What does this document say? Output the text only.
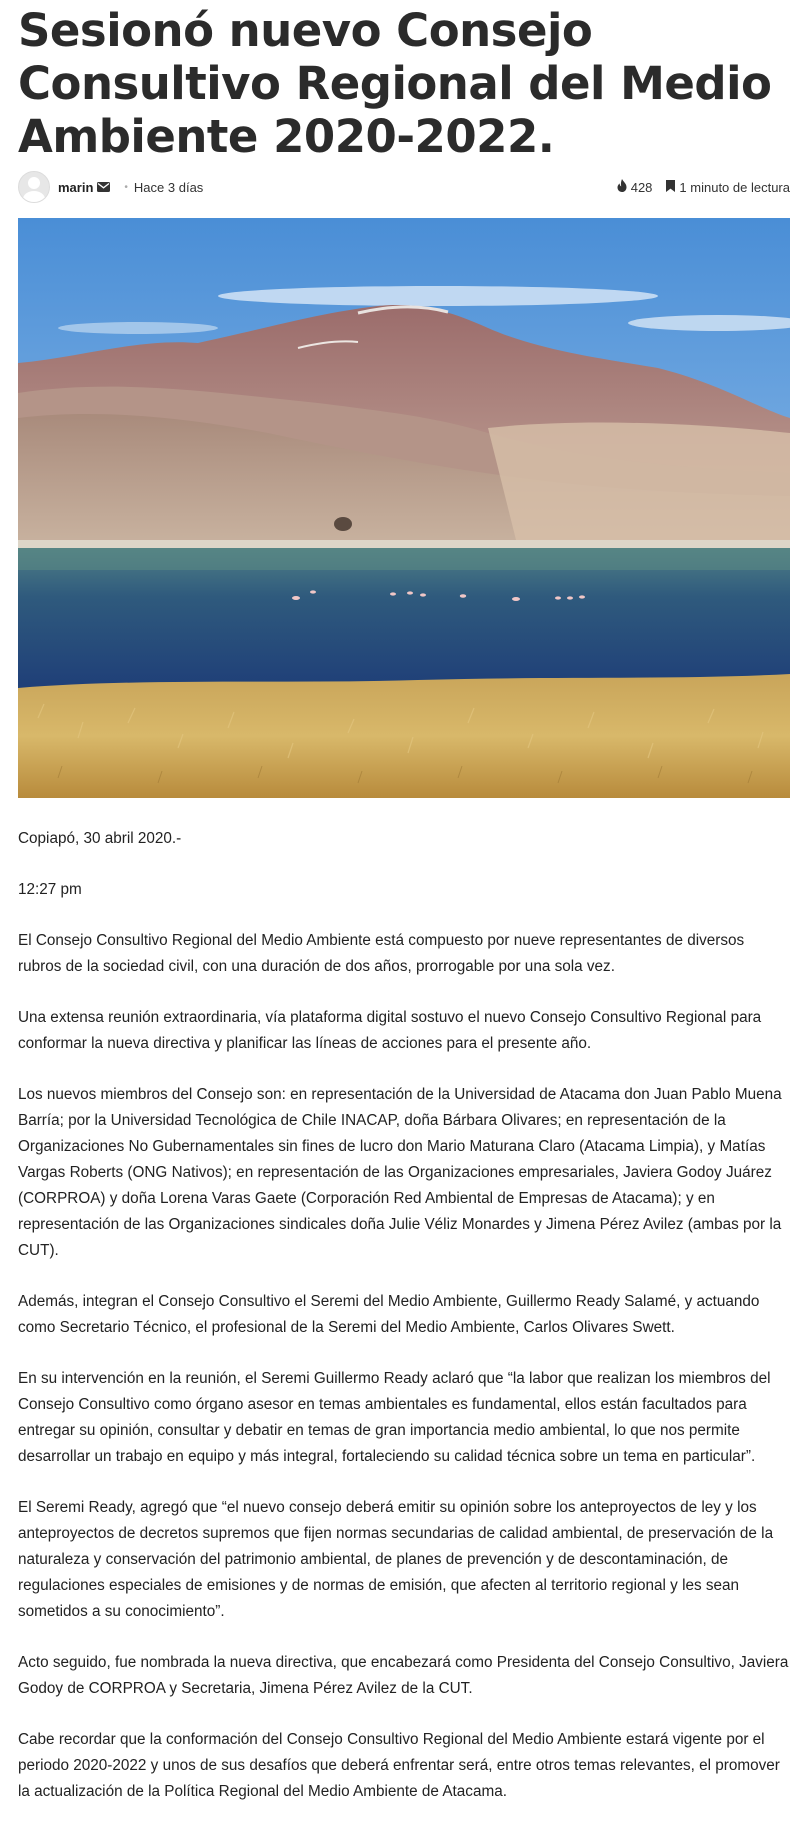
Sesionó nuevo Consejo Consultivo Regional del Medio Ambiente 2020-2022.
marin	• Hace 3 días	428 1 minuto de lectura

Copiapó, 30 abril 2020.-

12:27 pm

El Consejo Consultivo Regional del Medio Ambiente está compuesto por nueve representantes de diversos rubros de la sociedad civil, con una duración de dos años, prorrogable por una sola vez.

Una extensa reunión extraordinaria, vía plataforma digital sostuvo el nuevo Consejo Consultivo Regional para conformar la nueva directiva y planificar las líneas de acciones para el presente año.

Los nuevos miembros del Consejo son: en representación de la Universidad de Atacama don Juan Pablo Muena Barría; por la Universidad Tecnológica de Chile INACAP, doña Bárbara Olivares; en representación de la Organizaciones No Gubernamentales sin fines de lucro don Mario Maturana Claro (Atacama Limpia), y Matías Vargas Roberts (ONG Nativos); en representación de las Organizaciones empresariales, Javiera Godoy Juárez (CORPROA) y doña Lorena Varas Gaete (Corporación Red Ambiental de Empresas de Atacama); y en representación de las Organizaciones sindicales doña Julie Véliz Monardes y Jimena Pérez Avilez (ambas por la CUT).

Además, integran el Consejo Consultivo el Seremi del Medio Ambiente, Guillermo Ready Salamé, y actuando como Secretario Técnico, el profesional de la Seremi del Medio Ambiente, Carlos Olivares Swett.

En su intervención en la reunión, el Seremi Guillermo Ready aclaró que “la labor que realizan los miembros del Consejo Consultivo como órgano asesor en temas ambientales es fundamental, ellos están facultados para entregar su opinión, consultar y debatir en temas de gran importancia medio ambiental, lo que nos permite desarrollar un trabajo en equipo y más integral, fortaleciendo su calidad técnica sobre un tema en particular”.

El Seremi Ready, agregó que “el nuevo consejo deberá emitir su opinión sobre los anteproyectos de ley y los anteproyectos de decretos supremos que fijen normas secundarias de calidad ambiental, de preservación de la naturaleza y conservación del patrimonio ambiental, de planes de prevención y de descontaminación, de regulaciones especiales de emisiones y de normas de emisión, que afecten al territorio regional y les sean sometidos a su conocimiento”.

Acto seguido, fue nombrada la nueva directiva, que encabezará como Presidenta del Consejo Consultivo, Javiera Godoy de CORPROA y Secretaria, Jimena Pérez Avilez de la CUT.

Cabe recordar que la conformación del Consejo Consultivo Regional del Medio Ambiente estará vigente por el periodo 2020-2022 y unos de sus desafíos que deberá enfrentar será, entre otros temas relevantes, el promover la actualización de la Política Regional del Medio Ambiente de Atacama.
